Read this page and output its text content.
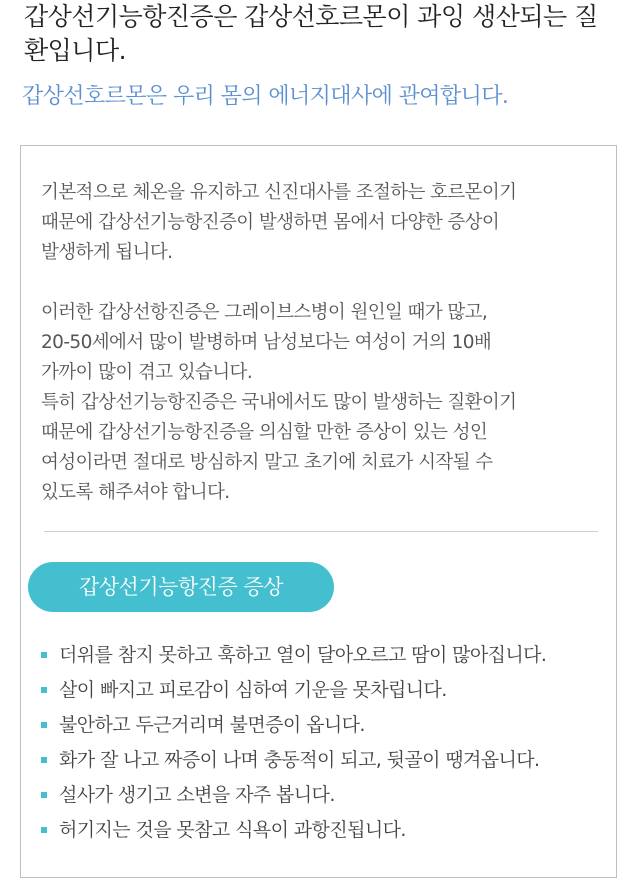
갑상선기능항진증은 갑상선호르몬이 과잉 생산되는 질환입니다.
갑상선호르몬은 우리 몸의 에너지대사에 관여합니다.

기본적으로 체온을 유지하고 신진대사를 조절하는 호르몬이기
때문에 갑상선기능항진증이 발생하면 몸에서 다양한 증상이
발생하게 됩니다.

이러한 갑상선항진증은 그레이브스병이 원인일 때가 많고,
20-50세에서 많이 발병하며 남성보다는 여성이 거의 10배
가까이 많이 겪고 있습니다.

특히 갑상선기능항진증은 국내에서도 많이 발생하는 질환이기
때문에 갑상선기능항진증을 의심할 만한 증상이 있는 성인
여성이라면 절대로 방심하지 말고 초기에 치료가 시작될 수
있도록 해주셔야 합니다.

갑상선기능항진증 증상
더위를 참지 못하고 훅하고 열이 달아오르고 땀이 많아집니다.
살이 빠지고 피로감이 심하여 기운을 못차립니다.
불안하고 두근거리며 불면증이 옵니다.
화가 잘 나고 짜증이 나며 충동적이 되고, 뒷골이 땡겨옵니다.
설사가 생기고 소변을 자주 봅니다.
허기지는 것을 못참고 식욕이 과항진됩니다.
